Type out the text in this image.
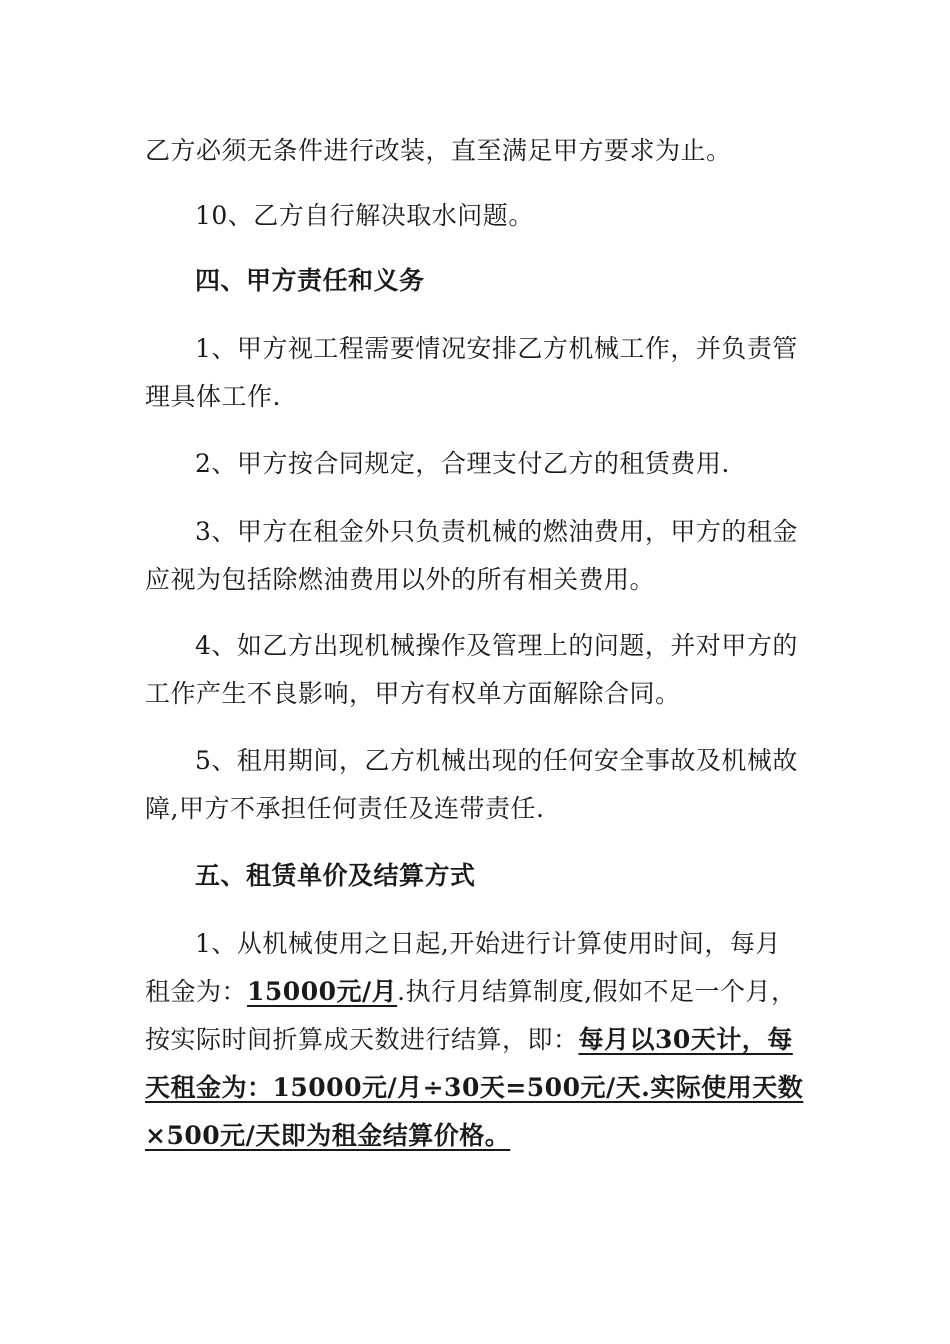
乙方必须无条件进行改装，直至满足甲方要求为止。
10、乙方自行解决取水问题。
四、甲方责任和义务
1、甲方视工程需要情况安排乙方机械工作，并负责管
理具体工作.
2、甲方按合同规定，合理支付乙方的租赁费用.
3、甲方在租金外只负责机械的燃油费用，甲方的租金
应视为包括除燃油费用以外的所有相关费用。
4、如乙方出现机械操作及管理上的问题，并对甲方的
工作产生不良影响，甲方有权单方面解除合同。
5、租用期间，乙方机械出现的任何安全事故及机械故
障,甲方不承担任何责任及连带责任.
五、租赁单价及结算方式
1、从机械使用之日起,开始进行计算使用时间，每月
租金为：15000元/月.执行月结算制度,假如不足一个月，
按实际时间折算成天数进行结算，即：每月以30天计，每
天租金为：15000元/月÷30天=500元/天.实际使用天数
×500元/天即为租金结算价格。
